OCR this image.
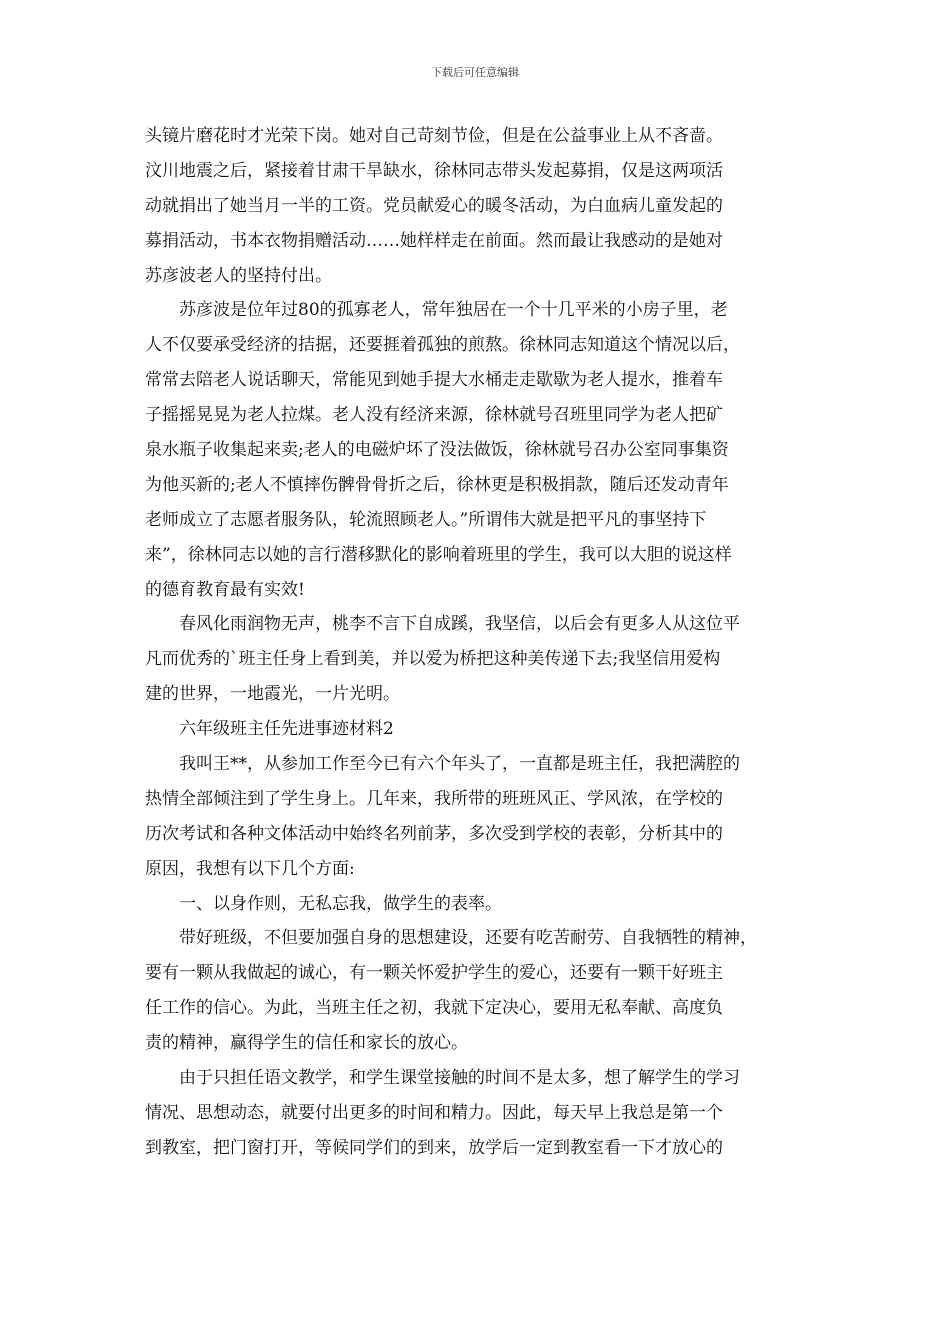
下载后可任意编辑
头镜片磨花时才光荣下岗。她对自己苛刻节俭，但是在公益事业上从不吝啬。
汶川地震之后，紧接着甘肃干旱缺水，徐林同志带头发起募捐，仅是这两项活
动就捐出了她当月一半的工资。党员献爱心的暖冬活动，为白血病儿童发起的
募捐活动，书本衣物捐赠活动……她样样走在前面。然而最让我感动的是她对
苏彦波老人的坚持付出。
苏彦波是位年过80的孤寡老人，常年独居在一个十几平米的小房子里，老
人不仅要承受经济的拮据，还要捱着孤独的煎熬。徐林同志知道这个情况以后，
常常去陪老人说话聊天，常能见到她手提大水桶走走歇歇为老人提水，推着车
子摇摇晃晃为老人拉煤。老人没有经济来源，徐林就号召班里同学为老人把矿
泉水瓶子收集起来卖;老人的电磁炉坏了没法做饭，徐林就号召办公室同事集资
为他买新的;老人不慎摔伤髀骨骨折之后，徐林更是积极捐款，随后还发动青年
老师成立了志愿者服务队，轮流照顾老人。”所谓伟大就是把平凡的事坚持下
来”，徐林同志以她的言行潜移默化的影响着班里的学生，我可以大胆的说这样
的德育教育最有实效!
春风化雨润物无声，桃李不言下自成蹊，我坚信，以后会有更多人从这位平
凡而优秀的`班主任身上看到美，并以爱为桥把这种美传递下去;我坚信用爱构
建的世界，一地霞光，一片光明。
六年级班主任先进事迹材料2
我叫王**，从参加工作至今已有六个年头了，一直都是班主任，我把满腔的
热情全部倾注到了学生身上。几年来，我所带的班班风正、学风浓，在学校的
历次考试和各种文体活动中始终名列前茅，多次受到学校的表彰，分析其中的
原因，我想有以下几个方面:
一、以身作则，无私忘我，做学生的表率。
带好班级，不但要加强自身的思想建设，还要有吃苦耐劳、自我牺牲的精神，
要有一颗从我做起的诚心，有一颗关怀爱护学生的爱心，还要有一颗干好班主
任工作的信心。为此，当班主任之初，我就下定决心，要用无私奉献、高度负
责的精神，赢得学生的信任和家长的放心。
由于只担任语文教学，和学生课堂接触的时间不是太多，想了解学生的学习
情况、思想动态，就要付出更多的时间和精力。因此，每天早上我总是第一个
到教室，把门窗打开，等候同学们的到来，放学后一定到教室看一下才放心的
